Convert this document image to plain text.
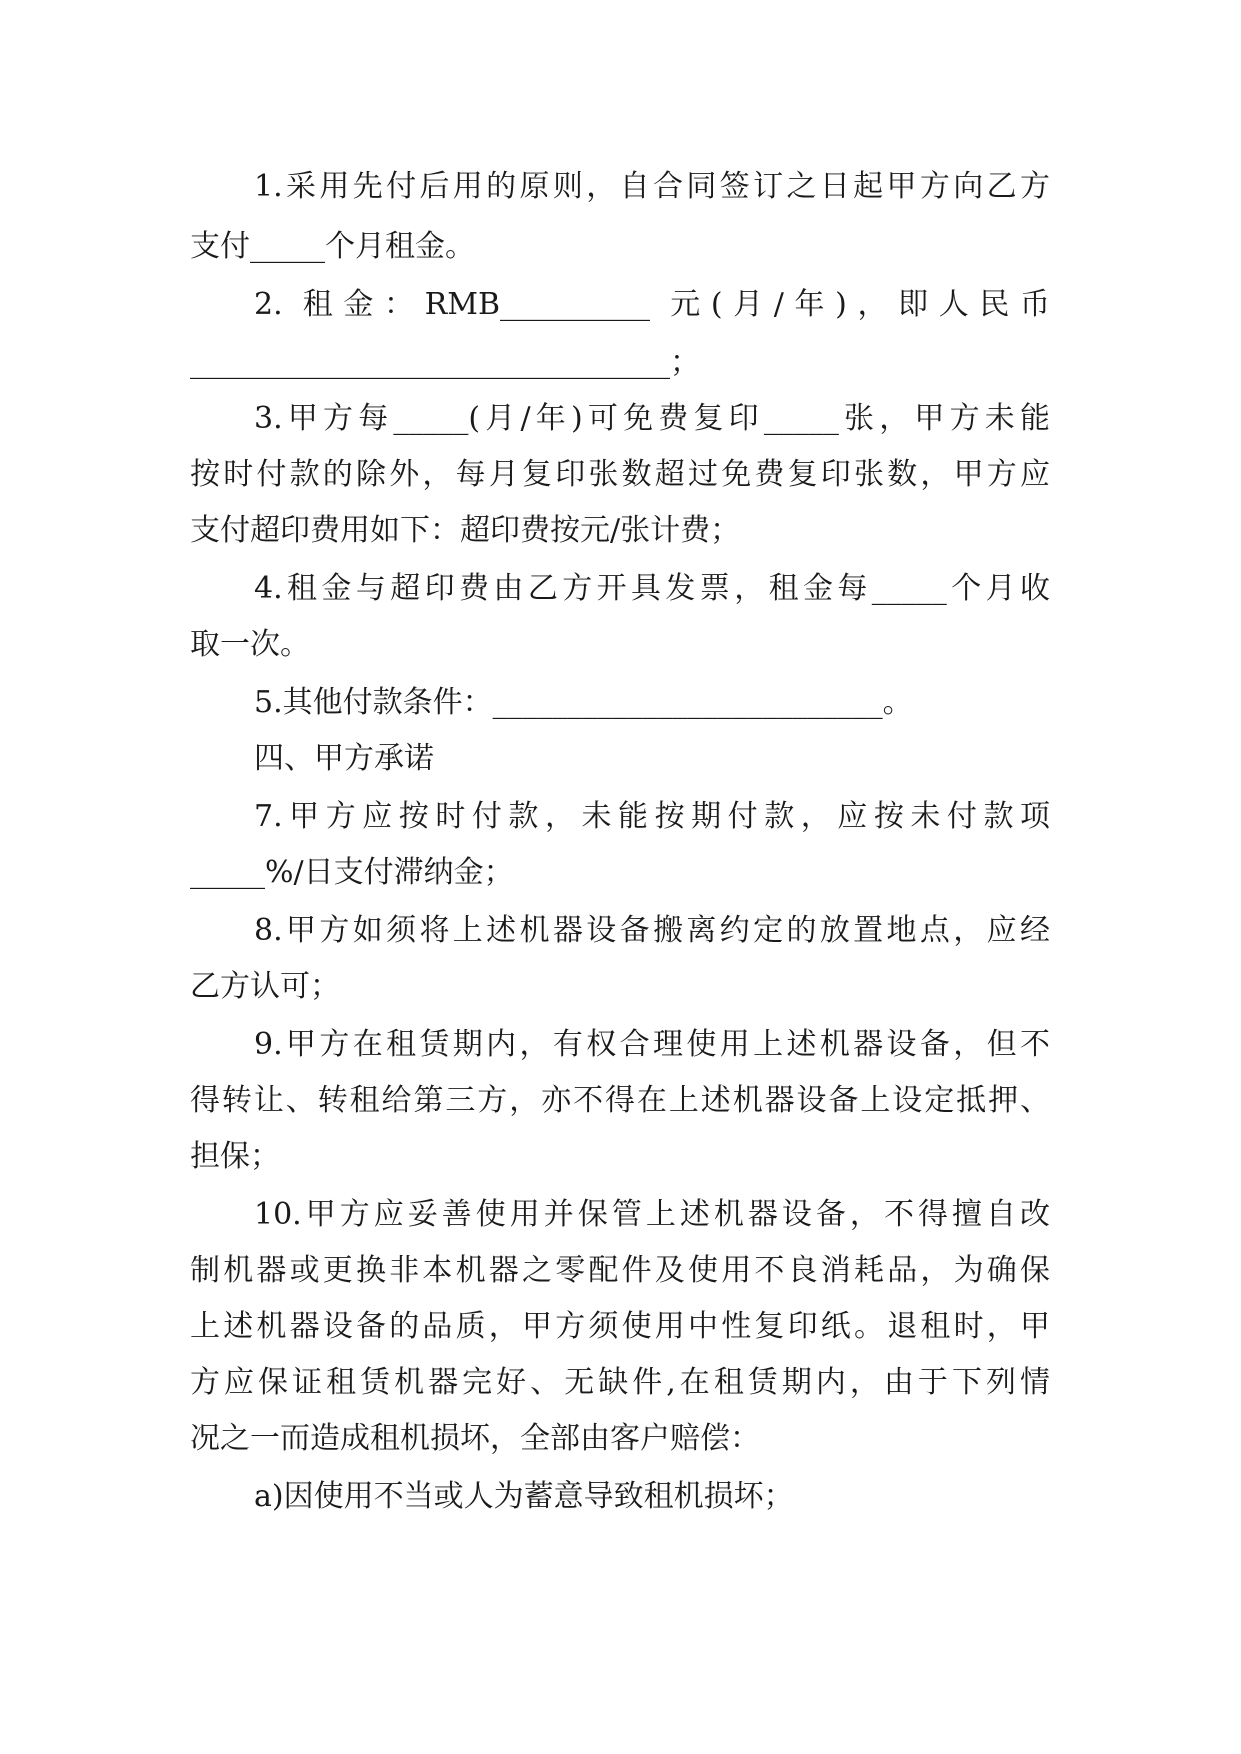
1.采用先付后用的原则，自合同签订之日起甲方向乙方
支付_____个月租金。
2. 租金：RMB__________ 元(月/年)，即人民币
________________________________；
3.甲方每_____(月/年)可免费复印_____张，甲方未能
按时付款的除外，每月复印张数超过免费复印张数，甲方应
支付超印费用如下：超印费按元/张计费；
4.租金与超印费由乙方开具发票，租金每_____个月收
取一次。
5.其他付款条件：__________________________。
四、甲方承诺
7.甲方应按时付款，未能按期付款，应按未付款项
_____%/日支付滞纳金；
8.甲方如须将上述机器设备搬离约定的放置地点，应经
乙方认可；
9.甲方在租赁期内，有权合理使用上述机器设备，但不
得转让、转租给第三方，亦不得在上述机器设备上设定抵押、
担保；
10.甲方应妥善使用并保管上述机器设备，不得擅自改
制机器或更换非本机器之零配件及使用不良消耗品，为确保
上述机器设备的品质，甲方须使用中性复印纸。退租时，甲
方应保证租赁机器完好、无缺件,在租赁期内，由于下列情
况之一而造成租机损坏，全部由客户赔偿：
a)因使用不当或人为蓄意导致租机损坏；
